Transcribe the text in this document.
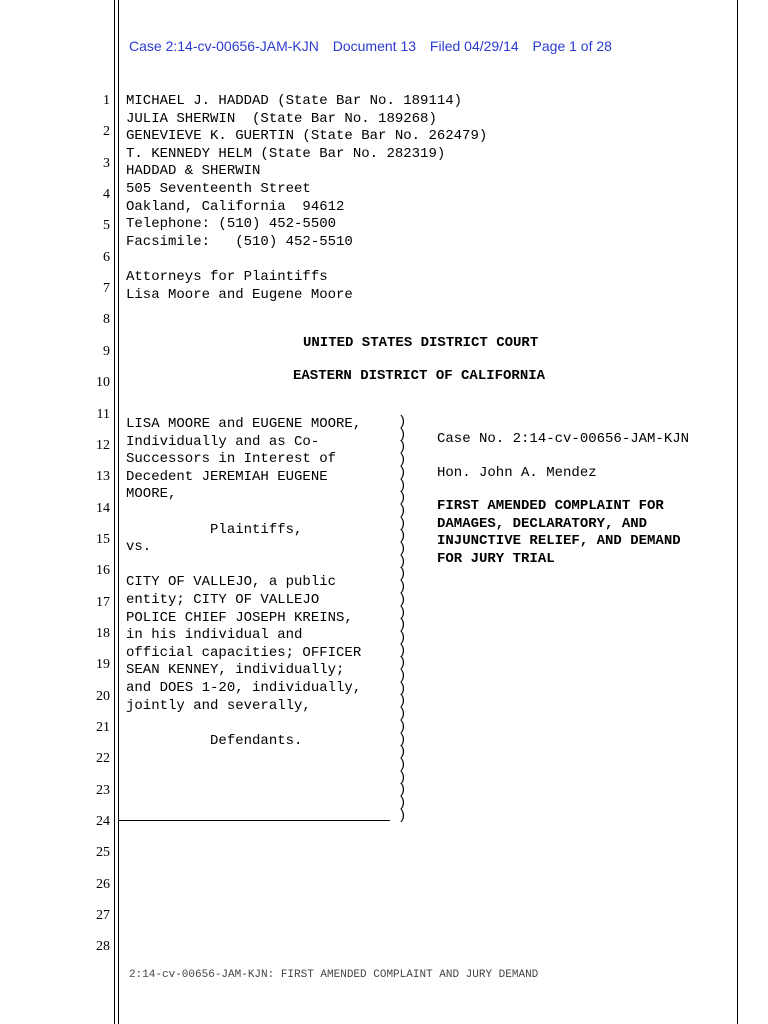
Case 2:14-cv-00656-JAM-KJN Document 13 Filed 04/29/14 Page 1 of 28
1
2
3
4
5
6
7
8
9
10
11
12
13
14
15
16
17
18
19
20
21
22
23
24
25
26
27
28
MICHAEL J. HADDAD (State Bar No. 189114)
JULIA SHERWIN  (State Bar No. 189268)
GENEVIEVE K. GUERTIN (State Bar No. 262479)
T. KENNEDY HELM (State Bar No. 282319)
HADDAD & SHERWIN
505 Seventeenth Street
Oakland, California  94612
Telephone: (510) 452-5500
Facsimile:   (510) 452-5510

Attorneys for Plaintiffs
Lisa Moore and Eugene Moore
UNITED STATES DISTRICT COURT
EASTERN DISTRICT OF CALIFORNIA
LISA MOORE and EUGENE MOORE,
Individually and as Co-
Successors in Interest of
Decedent JEREMIAH EUGENE
MOORE,

Plaintiffs,
vs.

CITY OF VALLEJO, a public
entity; CITY OF VALLEJO
POLICE CHIEF JOSEPH KREINS,
in his individual and
official capacities; OFFICER
SEAN KENNEY, individually;
and DOES 1-20, individually,
jointly and severally,

Defendants.
)
)
)
)
)
)
)
)
)
)
)
)
)
)
)
)
)
)
)
)
)
)
)
)
)
)
)
)
)
)
)
)
Case No. 2:14-cv-00656-JAM-KJN
Hon. John A. Mendez
FIRST AMENDED COMPLAINT FOR
DAMAGES, DECLARATORY, AND
INJUNCTIVE RELIEF, AND DEMAND
FOR JURY TRIAL
2:14-cv-00656-JAM-KJN: FIRST AMENDED COMPLAINT AND JURY DEMAND
